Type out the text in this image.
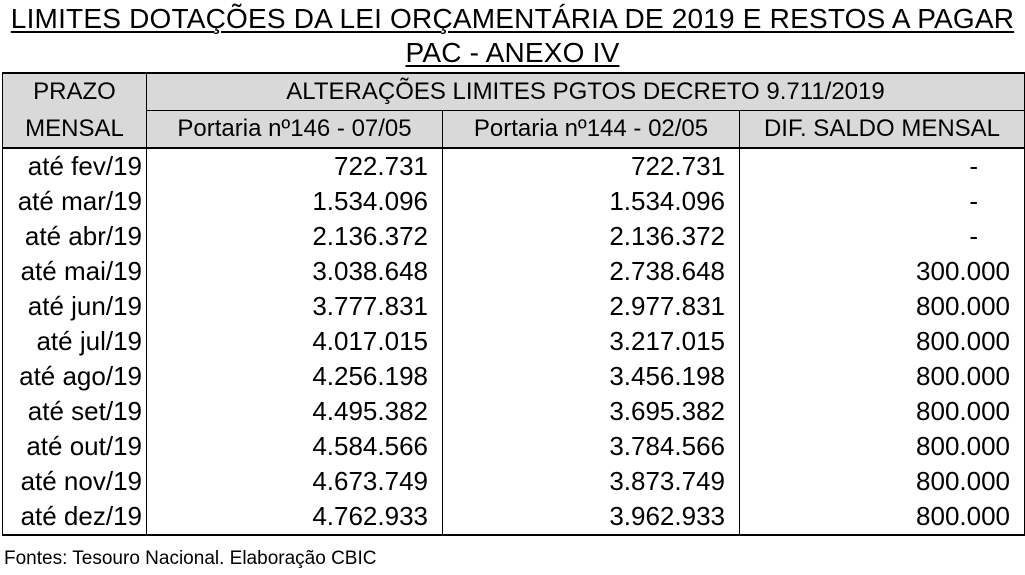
LIMITES DOTAÇÕES DA LEI ORÇAMENTÁRIA DE 2019 E RESTOS A PAGAR
PAC - ANEXO IV
PRAZO	ALTERAÇÕES LIMITES PGTOS DECRETO 9.711/2019		
MENSAL	Portaria nº146 - 07/05	Portaria nº144 - 02/05	DIF. SALDO MENSAL
até fev/19	722.731	722.731	-
até mar/19	1.534.096	1.534.096	-
até abr/19	2.136.372	2.136.372	-
até mai/19	3.038.648	2.738.648	300.000
até jun/19	3.777.831	2.977.831	800.000
até jul/19	4.017.015	3.217.015	800.000
até ago/19	4.256.198	3.456.198	800.000
até set/19	4.495.382	3.695.382	800.000
até out/19	4.584.566	3.784.566	800.000
até nov/19	4.673.749	3.873.749	800.000
até dez/19	4.762.933	3.962.933	800.000
Fontes: Tesouro Nacional. Elaboração CBIC
